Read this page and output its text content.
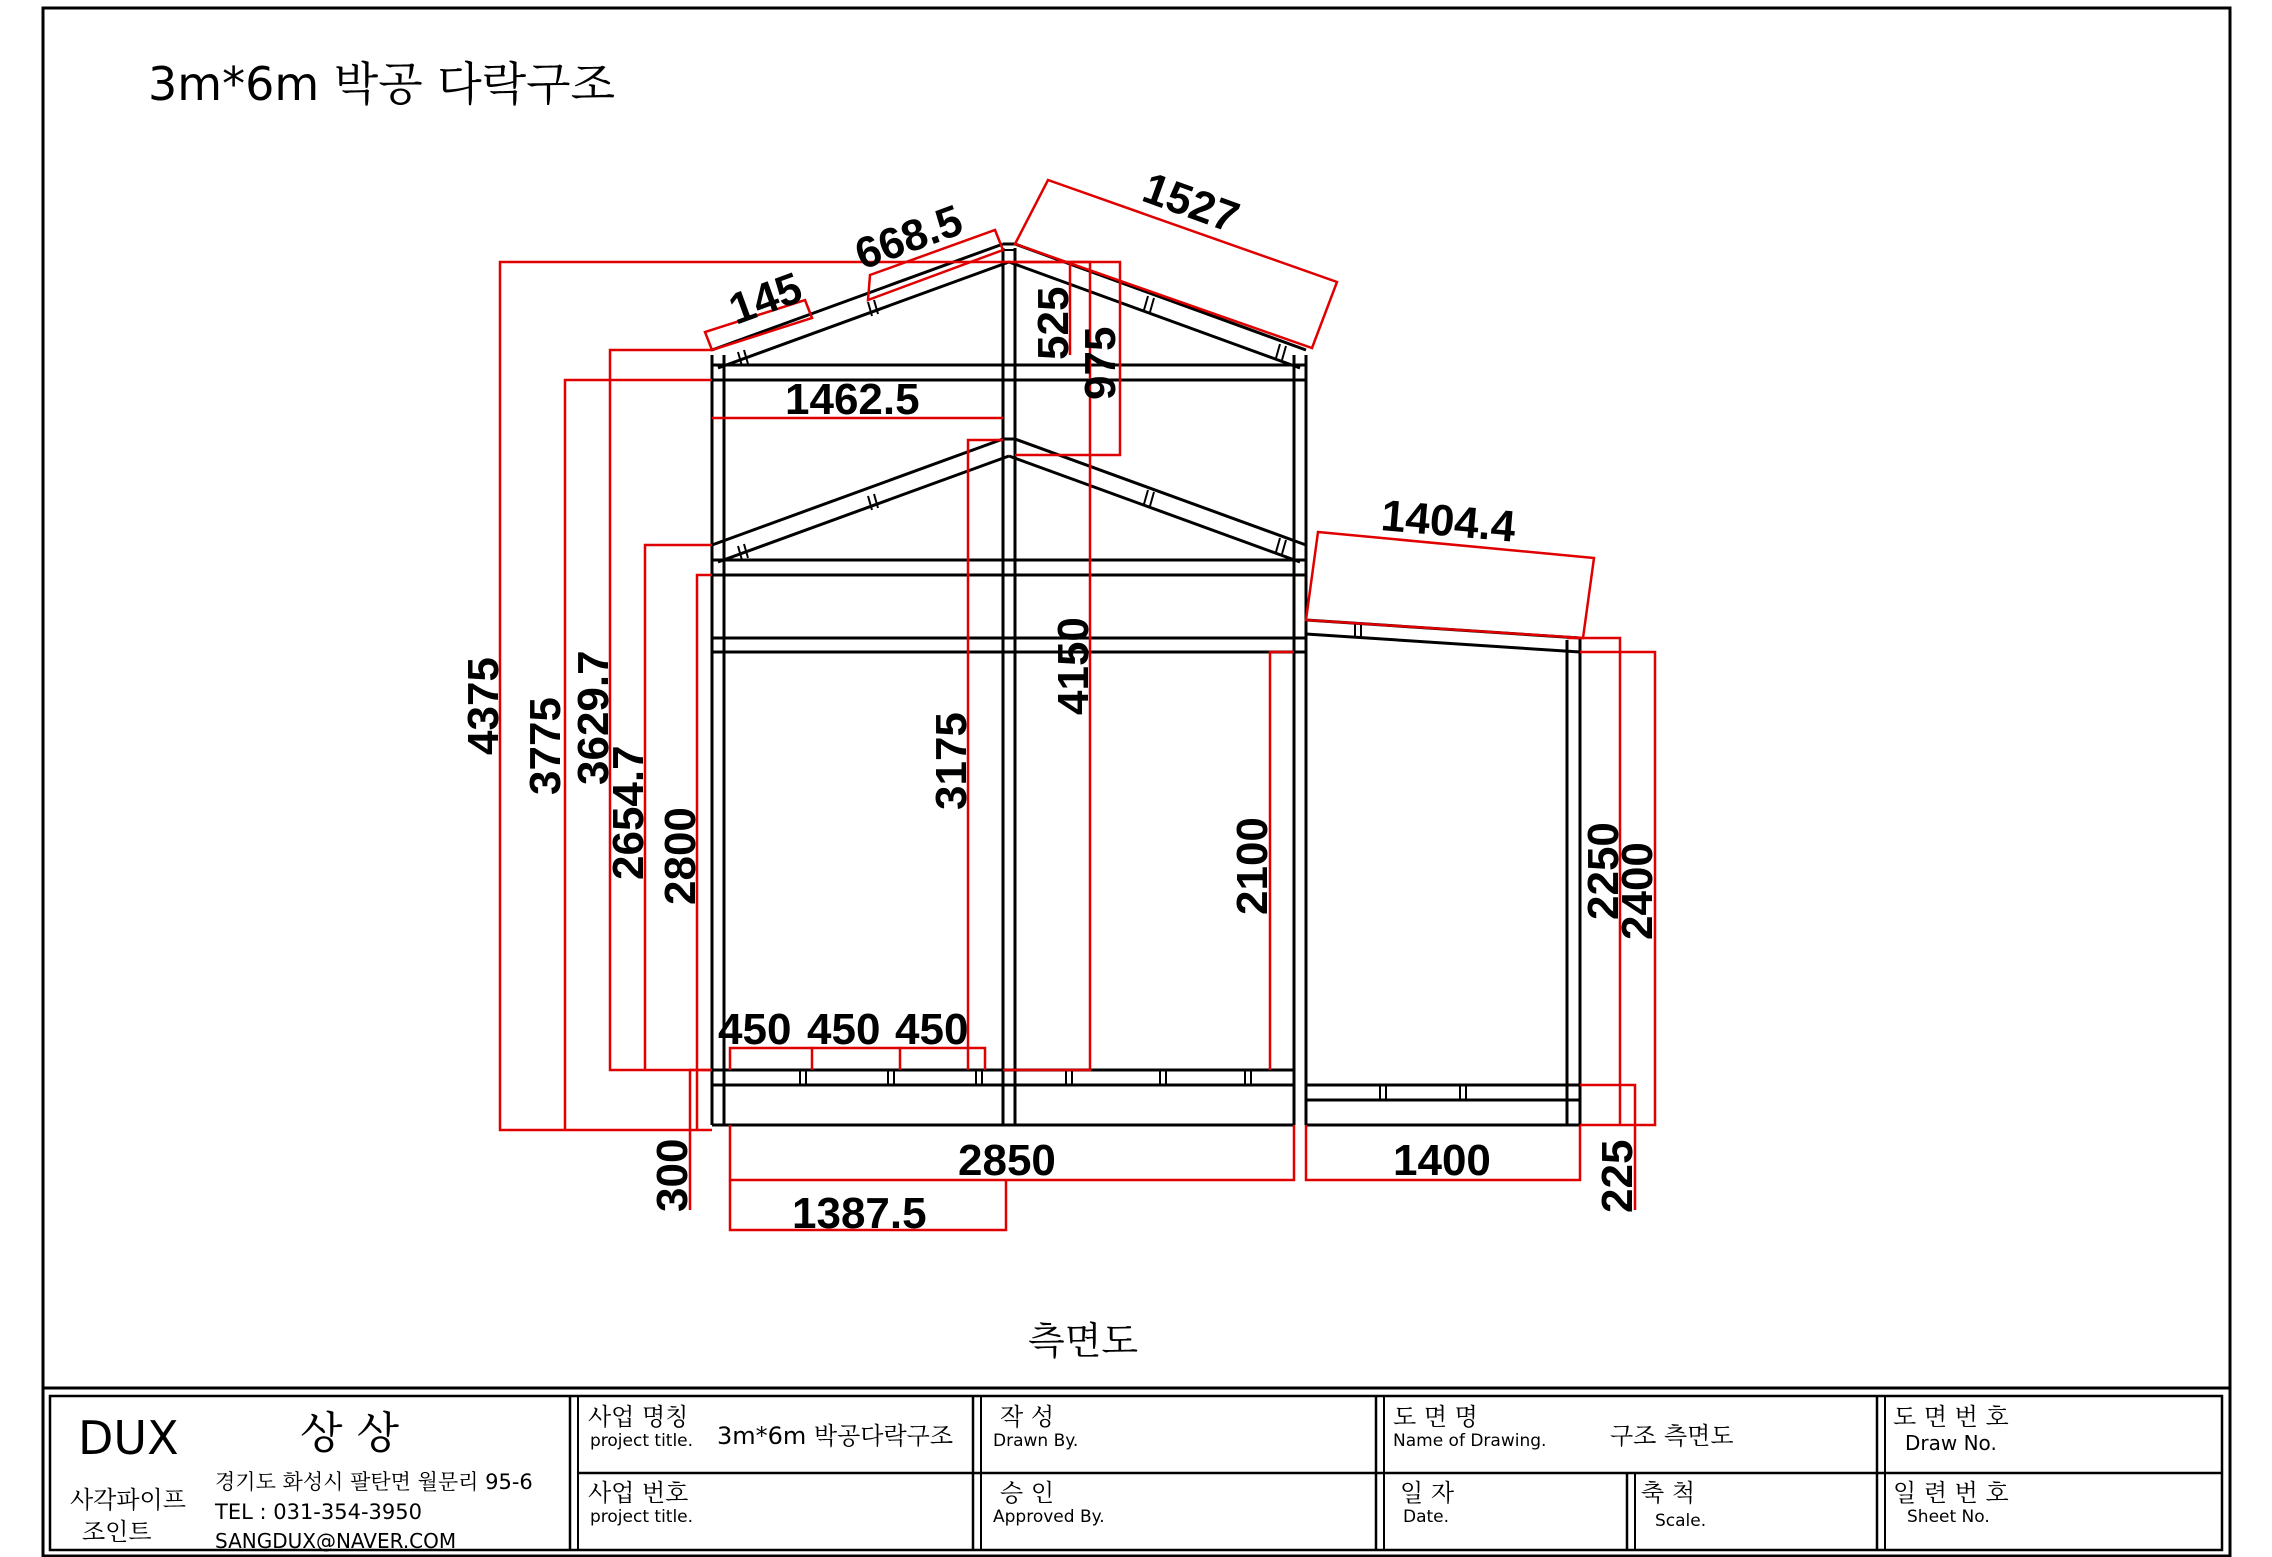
3m*6m 박공 다락구조
145
668.5	1527
525
975
1462.5
4375 3775 3629.7
2654.7 2800
3175
4150
2100
1404.4
2250
2400
450 450 450
300	2850
1387.5
1400 225
측면도
DUX	상 상
사각파이프
조인트
경기도 화성시 팔탄면 월문리 95-6
TEL : 031-354-3950
SANGDUX@NAVER.COM
사업 명칭
project title. 3m*6m 박공다락구조
사업 번호
project title.
작 성
Drawn By.
승 인
Approved By.
도 면 명
Name of Drawing.	구조 측면도
일 자
Date.
축 척
Scale.
도 면 번 호
Draw No.
일 련 번 호
Sheet No.
